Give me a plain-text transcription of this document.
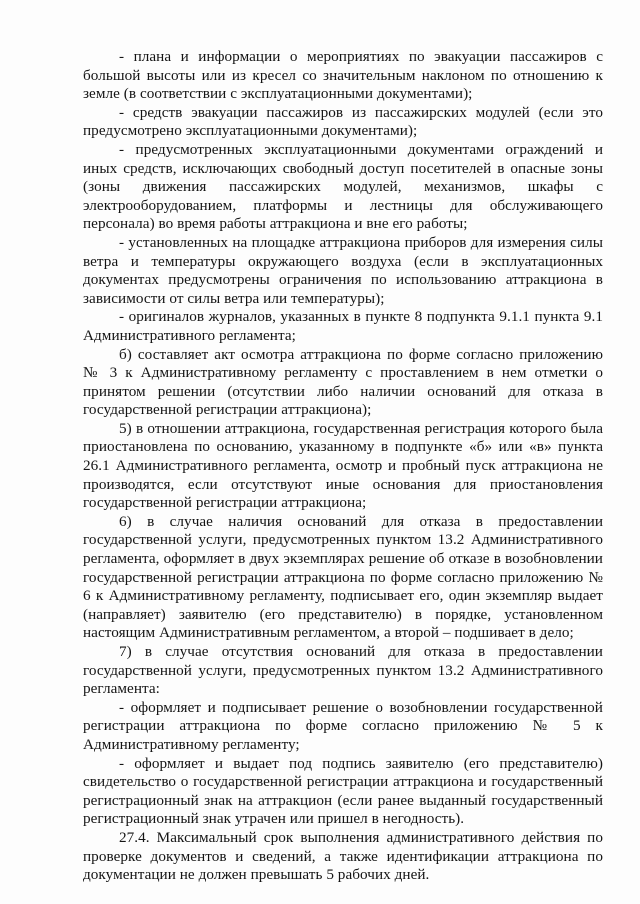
- плана и информации о мероприятиях по эвакуации пассажиров с большой высоты или из кресел со значительным наклоном по отношению к земле (в соответствии с эксплуатационными документами);

- средств эвакуации пассажиров из пассажирских модулей (если это предусмотрено эксплуатационными документами);

- предусмотренных эксплуатационными документами ограждений и иных средств, исключающих свободный доступ посетителей в опасные зоны (зоны движения пассажирских модулей, механизмов, шкафы с электрооборудованием, платформы и лестницы для обслуживающего персонала) во время работы аттракциона и вне его работы;

- установленных на площадке аттракциона приборов для измерения силы ветра и температуры окружающего воздуха (если в эксплуатационных документах предусмотрены ограничения по использованию аттракциона в зависимости от силы ветра или температуры);

- оригиналов журналов, указанных в пункте 8 подпункта 9.1.1 пункта 9.1 Административного регламента;

б) составляет акт осмотра аттракциона по форме согласно приложению № 3 к Административному регламенту с проставлением в нем отметки о принятом решении (отсутствии либо наличии оснований для отказа в государственной регистрации аттракциона);

5) в отношении аттракциона, государственная регистрация которого была приостановлена по основанию, указанному в подпункте «б» или «в» пункта 26.1 Административного регламента, осмотр и пробный пуск аттракциона не производятся, если отсутствуют иные основания для приостановления государственной регистрации аттракциона;

6) в случае наличия оснований для отказа в предоставлении государственной услуги, предусмотренных пунктом 13.2 Административного регламента, оформляет в двух экземплярах решение об отказе в возобновлении государственной регистрации аттракциона по форме согласно приложению № 6 к Административному регламенту, подписывает его, один экземпляр выдает (направляет) заявителю (его представителю) в порядке, установленном настоящим Административным регламентом, а второй – подшивает в дело;

7) в случае отсутствия оснований для отказа в предоставлении государственной услуги, предусмотренных пунктом 13.2 Административного регламента:

- оформляет и подписывает решение о возобновлении государственной регистрации аттракциона по форме согласно приложению № 5 к Административному регламенту;

- оформляет и выдает под подпись заявителю (его представителю) свидетельство о государственной регистрации аттракциона и государственный регистрационный знак на аттракцион (если ранее выданный государственный регистрационный знак утрачен или пришел в негодность).

27.4. Максимальный срок выполнения административного действия по проверке документов и сведений, а также идентификации аттракциона по документации не должен превышать 5 рабочих дней.
